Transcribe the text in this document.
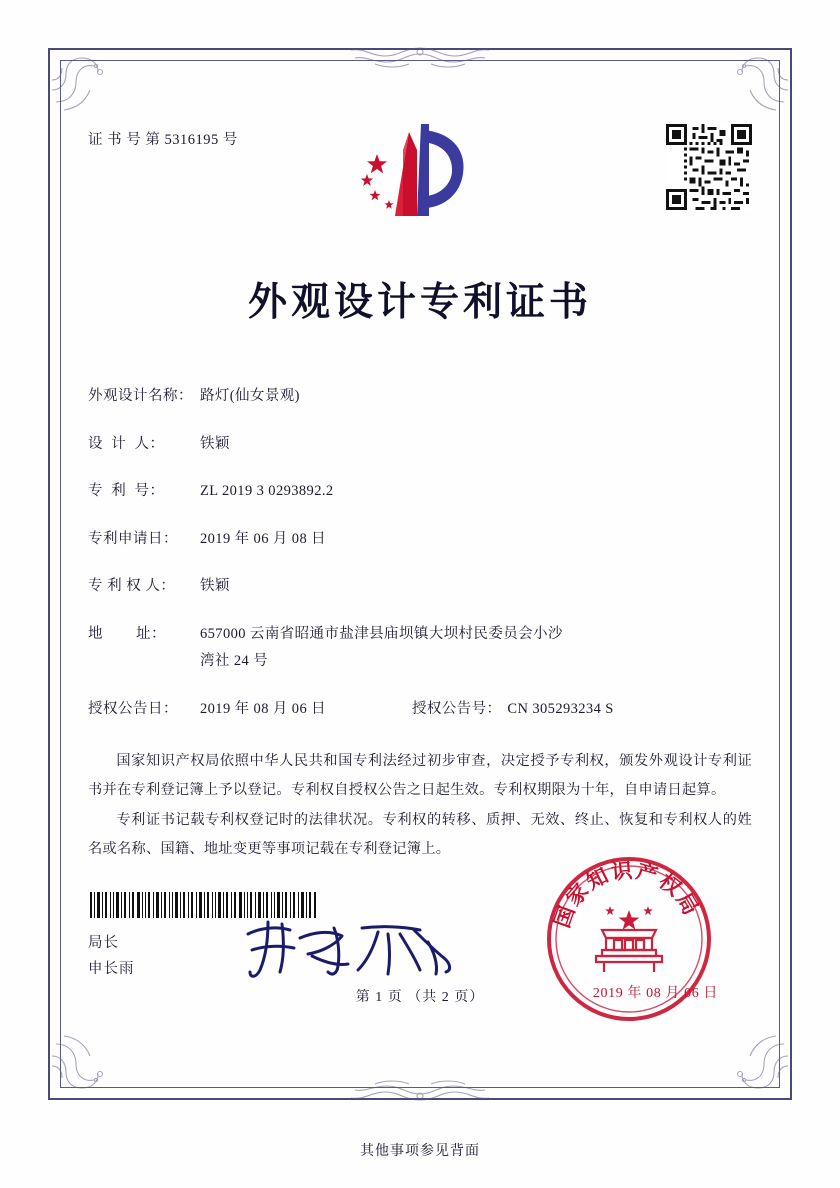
证 书 号 第 5316195 号
外观设计专利证书
外观设计名称： 路灯(仙女景观)
设  计  人：	铁颖
专  利  号：	ZL 2019 3 0293892.2
专利申请日：	2019 年 06 月 08 日
专 利 权 人：	铁颖
地        址：	657000 云南省昭通市盐津县庙坝镇大坝村民委员会小沙
湾社 24 号
授权公告日：	2019 年 08 月 06 日	授权公告号： CN 305293234 S

国家知识产权局依照中华人民共和国专利法经过初步审查，决定授予专利权，颁发外观设计专利证书并在专利登记簿上予以登记。专利权自授权公告之日起生效。专利权期限为十年，自申请日起算。

专利证书记载专利权登记时的法律状况。专利权的转移、质押、无效、终止、恢复和专利权人的姓名或名称、国籍、地址变更等事项记载在专利登记簿上。

局长
申长雨
国家知识产权局
2019 年 08 月 06 日
第 1 页 （共 2 页）
其他事项参见背面
